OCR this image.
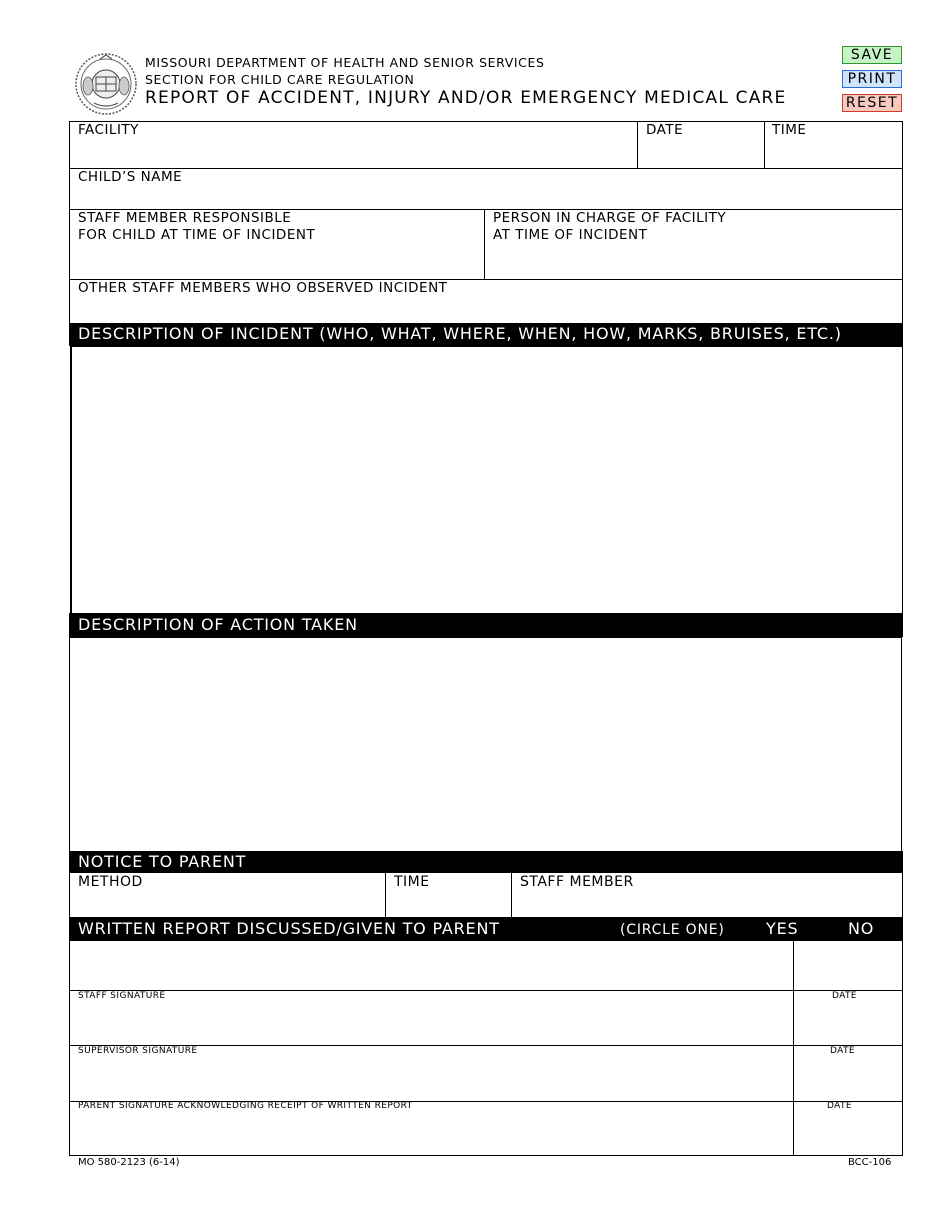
MISSOURI DEPARTMENT OF HEALTH AND SENIOR SERVICES
SECTION FOR CHILD CARE REGULATION
REPORT OF ACCIDENT, INJURY AND/OR EMERGENCY MEDICAL CARE
SAVE
PRINT
RESET
FACILITY	DATE	TIME
CHILD’S NAME
STAFF MEMBER RESPONSIBLE
FOR CHILD AT TIME OF INCIDENT
PERSON IN CHARGE OF FACILITY
AT TIME OF INCIDENT
OTHER STAFF MEMBERS WHO OBSERVED INCIDENT
DESCRIPTION OF INCIDENT (WHO, WHAT, WHERE, WHEN, HOW, MARKS, BRUISES, ETC.)
DESCRIPTION OF ACTION TAKEN
NOTICE TO PARENT
METHOD	TIME	STAFF MEMBER
WRITTEN REPORT DISCUSSED/GIVEN TO PARENT	(CIRCLE ONE)	YES	NO
STAFF SIGNATURE	DATE
SUPERVISOR SIGNATURE	DATE
PARENT SIGNATURE ACKNOWLEDGING RECEIPT OF WRITTEN REPORT	DATE
MO 580-2123 (6-14)	BCC-106
